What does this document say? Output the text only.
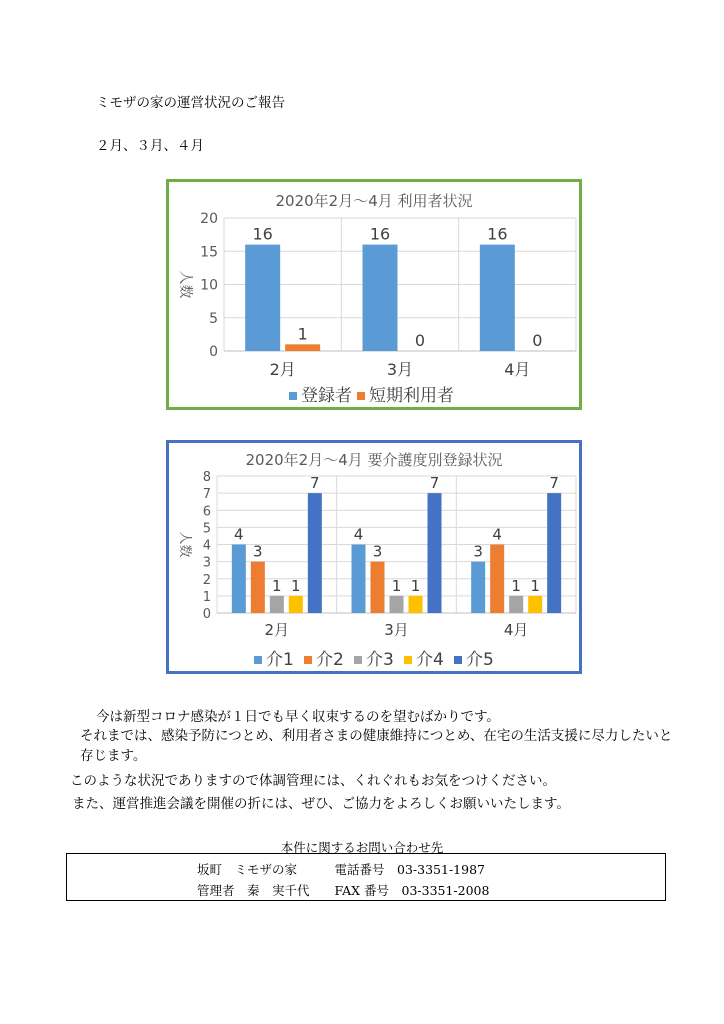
ミモザの家の運営状況のご報告
２月、３月、４月
2020年2月～4月 利用者状況
0
5
10
15
20
人数
2月
16
1
3月
16
0
4月
16
0
登録者 短期利用者
2020年2月～4月 要介護度別登録状況
0
1
2
3
4
5
6
7
8
人数
2月
4
3
1 1
7
3月
4
3
1 1
7
4月
3
4
1 1
7
介1 介2 介3 介4 介5
今は新型コロナ感染が１日でも早く収束するのを望むばかりです。
それまでは、感染予防につとめ、利用者さまの健康維持につとめ、在宅の生活支援に尽力したいと存じます。
このような状況でありますので体調管理には、くれぐれもお気をつけください。
また、運営推進会議を開催の折には、ぜひ、ご協力をよろしくお願いいたします。
本件に関するお問い合わせ先
坂町　ミモザの家　　　電話番号　03-3351-1987
管理者　秦　実千代　　FAX 番号　03-3351-2008
